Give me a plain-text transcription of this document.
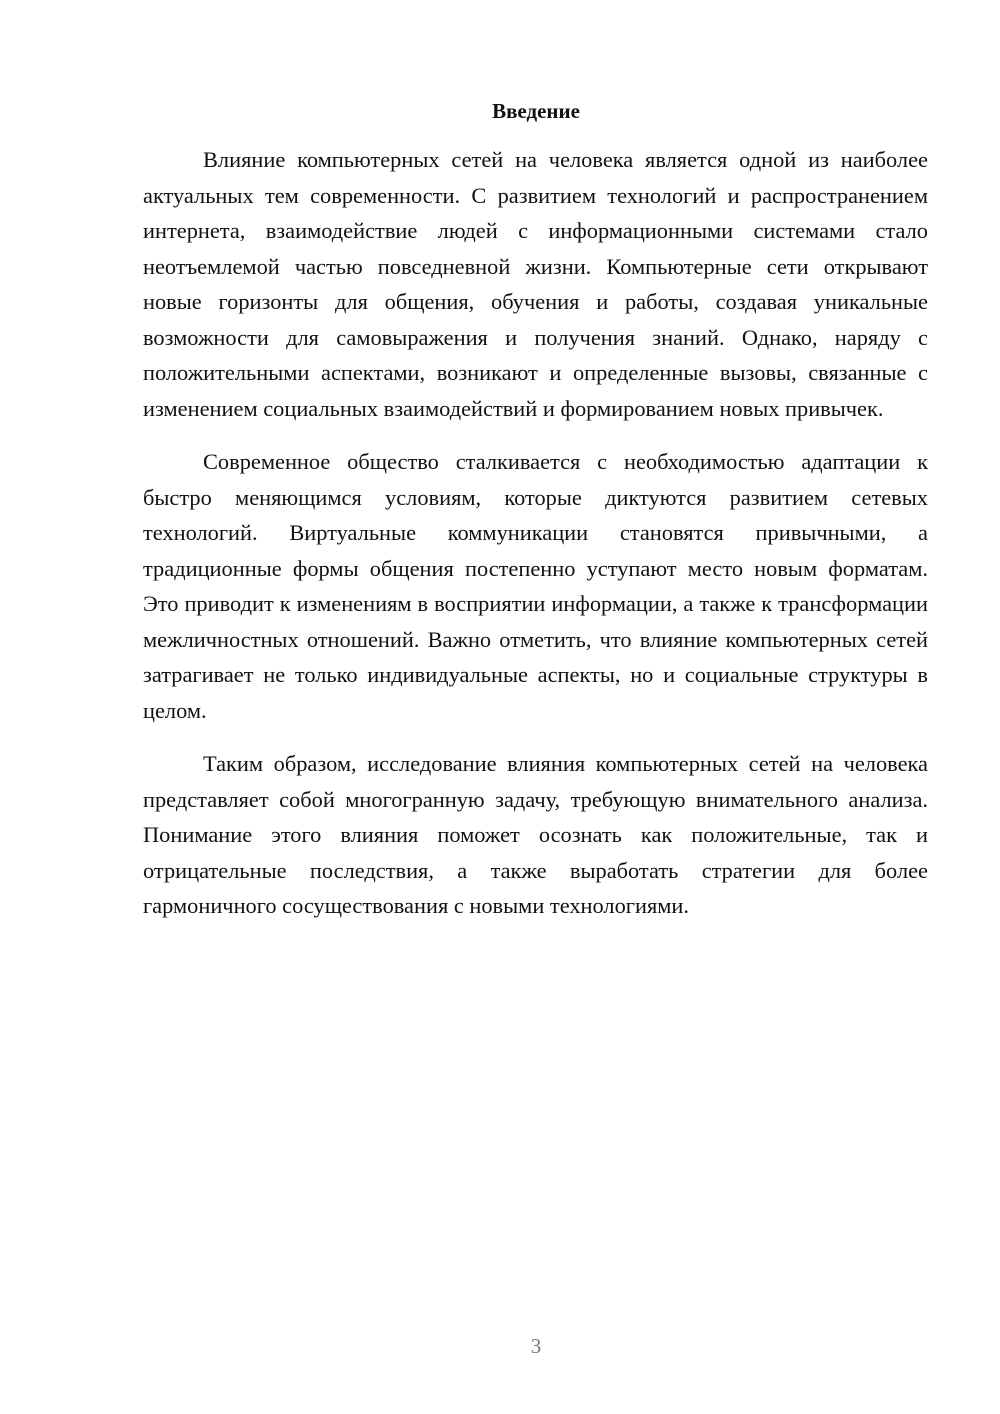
Введение

Влияние компьютерных сетей на человека является одной из наиболее актуальных тем современности. С развитием технологий и распространением интернета, взаимодействие людей с информационными системами стало неотъемлемой частью повседневной жизни. Компьютерные сети открывают новые горизонты для общения, обучения и работы, создавая уникальные возможности для самовыражения и получения знаний. Однако, наряду с положительными аспектами, возникают и определенные вызовы, связанные с изменением социальных взаимодействий и формированием новых привычек.

Современное общество сталкивается с необходимостью адаптации к быстро меняющимся условиям, которые диктуются развитием сетевых технологий. Виртуальные коммуникации становятся привычными, а традиционные формы общения постепенно уступают место новым форматам. Это приводит к изменениям в восприятии информации, а также к трансформации межличностных отношений. Важно отметить, что влияние компьютерных сетей затрагивает не только индивидуальные аспекты, но и социальные структуры в целом.

Таким образом, исследование влияния компьютерных сетей на человека представляет собой многогранную задачу, требующую внимательного анализа. Понимание этого влияния поможет осознать как положительные, так и отрицательные последствия, а также выработать стратегии для более гармоничного сосуществования с новыми технологиями.

3
